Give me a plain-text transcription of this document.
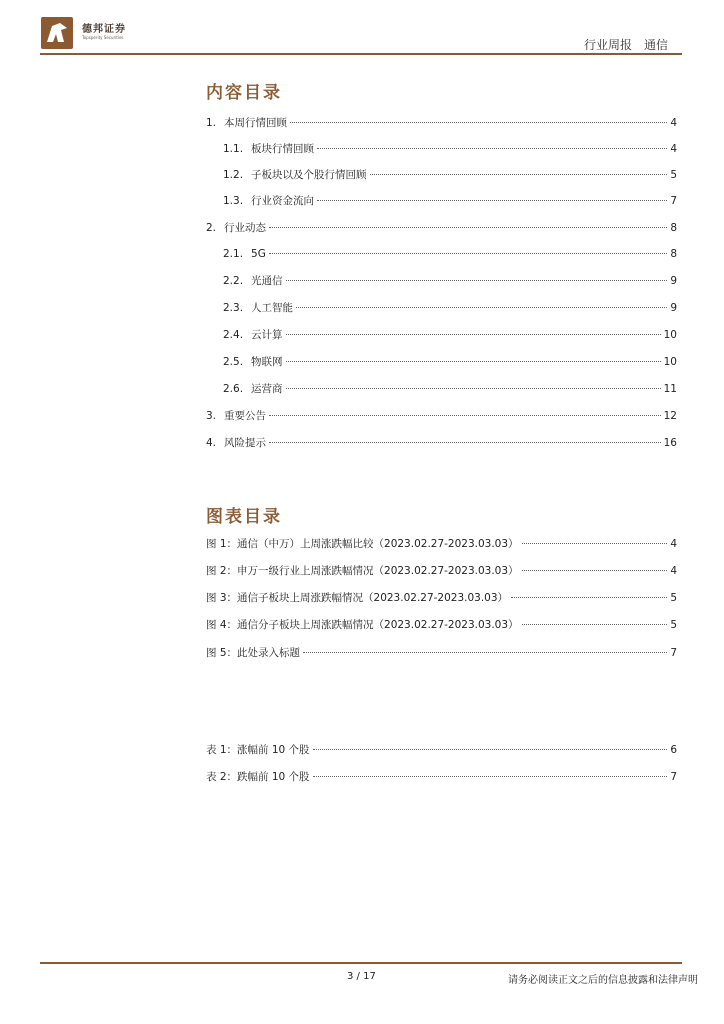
德邦证券
Topsperity Securities
行业周报 通信
内容目录
1. 本周行情回顾	4
1.1. 板块行情回顾	4
1.2. 子板块以及个股行情回顾	5
1.3. 行业资金流向	7
2. 行业动态	8
2.1. 5G	8
2.2. 光通信	9
2.3. 人工智能	9
2.4. 云计算	10
2.5. 物联网	10
2.6. 运营商	11
3. 重要公告	12
4. 风险提示	16
图表目录
图 1：通信（中万）上周涨跌幅比较（2023.02.27-2023.03.03）	4
图 2：申万一级行业上周涨跌幅情况（2023.02.27-2023.03.03）	4
图 3：通信子板块上周涨跌幅情况（2023.02.27-2023.03.03）	5
图 4：通信分子板块上周涨跌幅情况（2023.02.27-2023.03.03）	5
图 5：此处录入标题	7
表 1：涨幅前 10 个股	6
表 2：跌幅前 10 个股	7
3 / 17	请务必阅读正文之后的信息披露和法律声明
